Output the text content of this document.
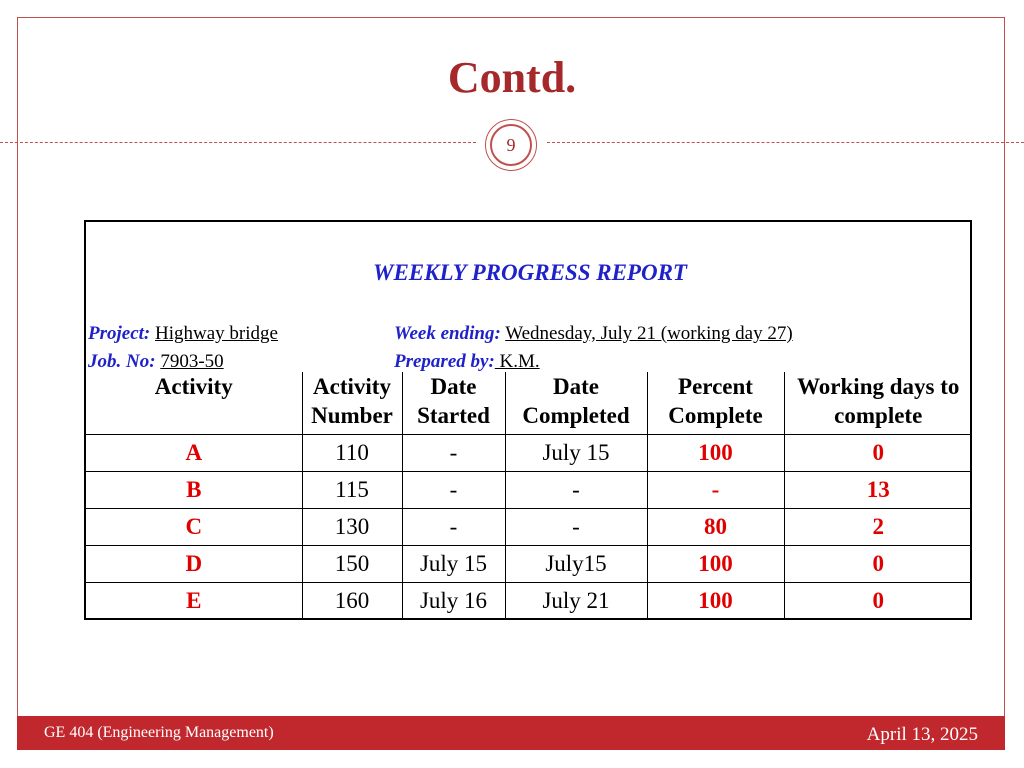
Contd.
9
WEEKLY PROGRESS REPORT
Project: Highway bridge
Job. No: 7903-50
Week ending: Wednesday, July 21 (working day 27)
Prepared by: K.M.
Activity	Activity Number	Date Started	Date Completed	Percent Complete	Working days to complete
A	110	-	July 15	100	0
B	115	-	-	-	13
C	130	-	-	80	2
D	150	July 15	July15	100	0
E	160	July 16	July 21	100	0
GE 404 (Engineering Management)	April 13, 2025
